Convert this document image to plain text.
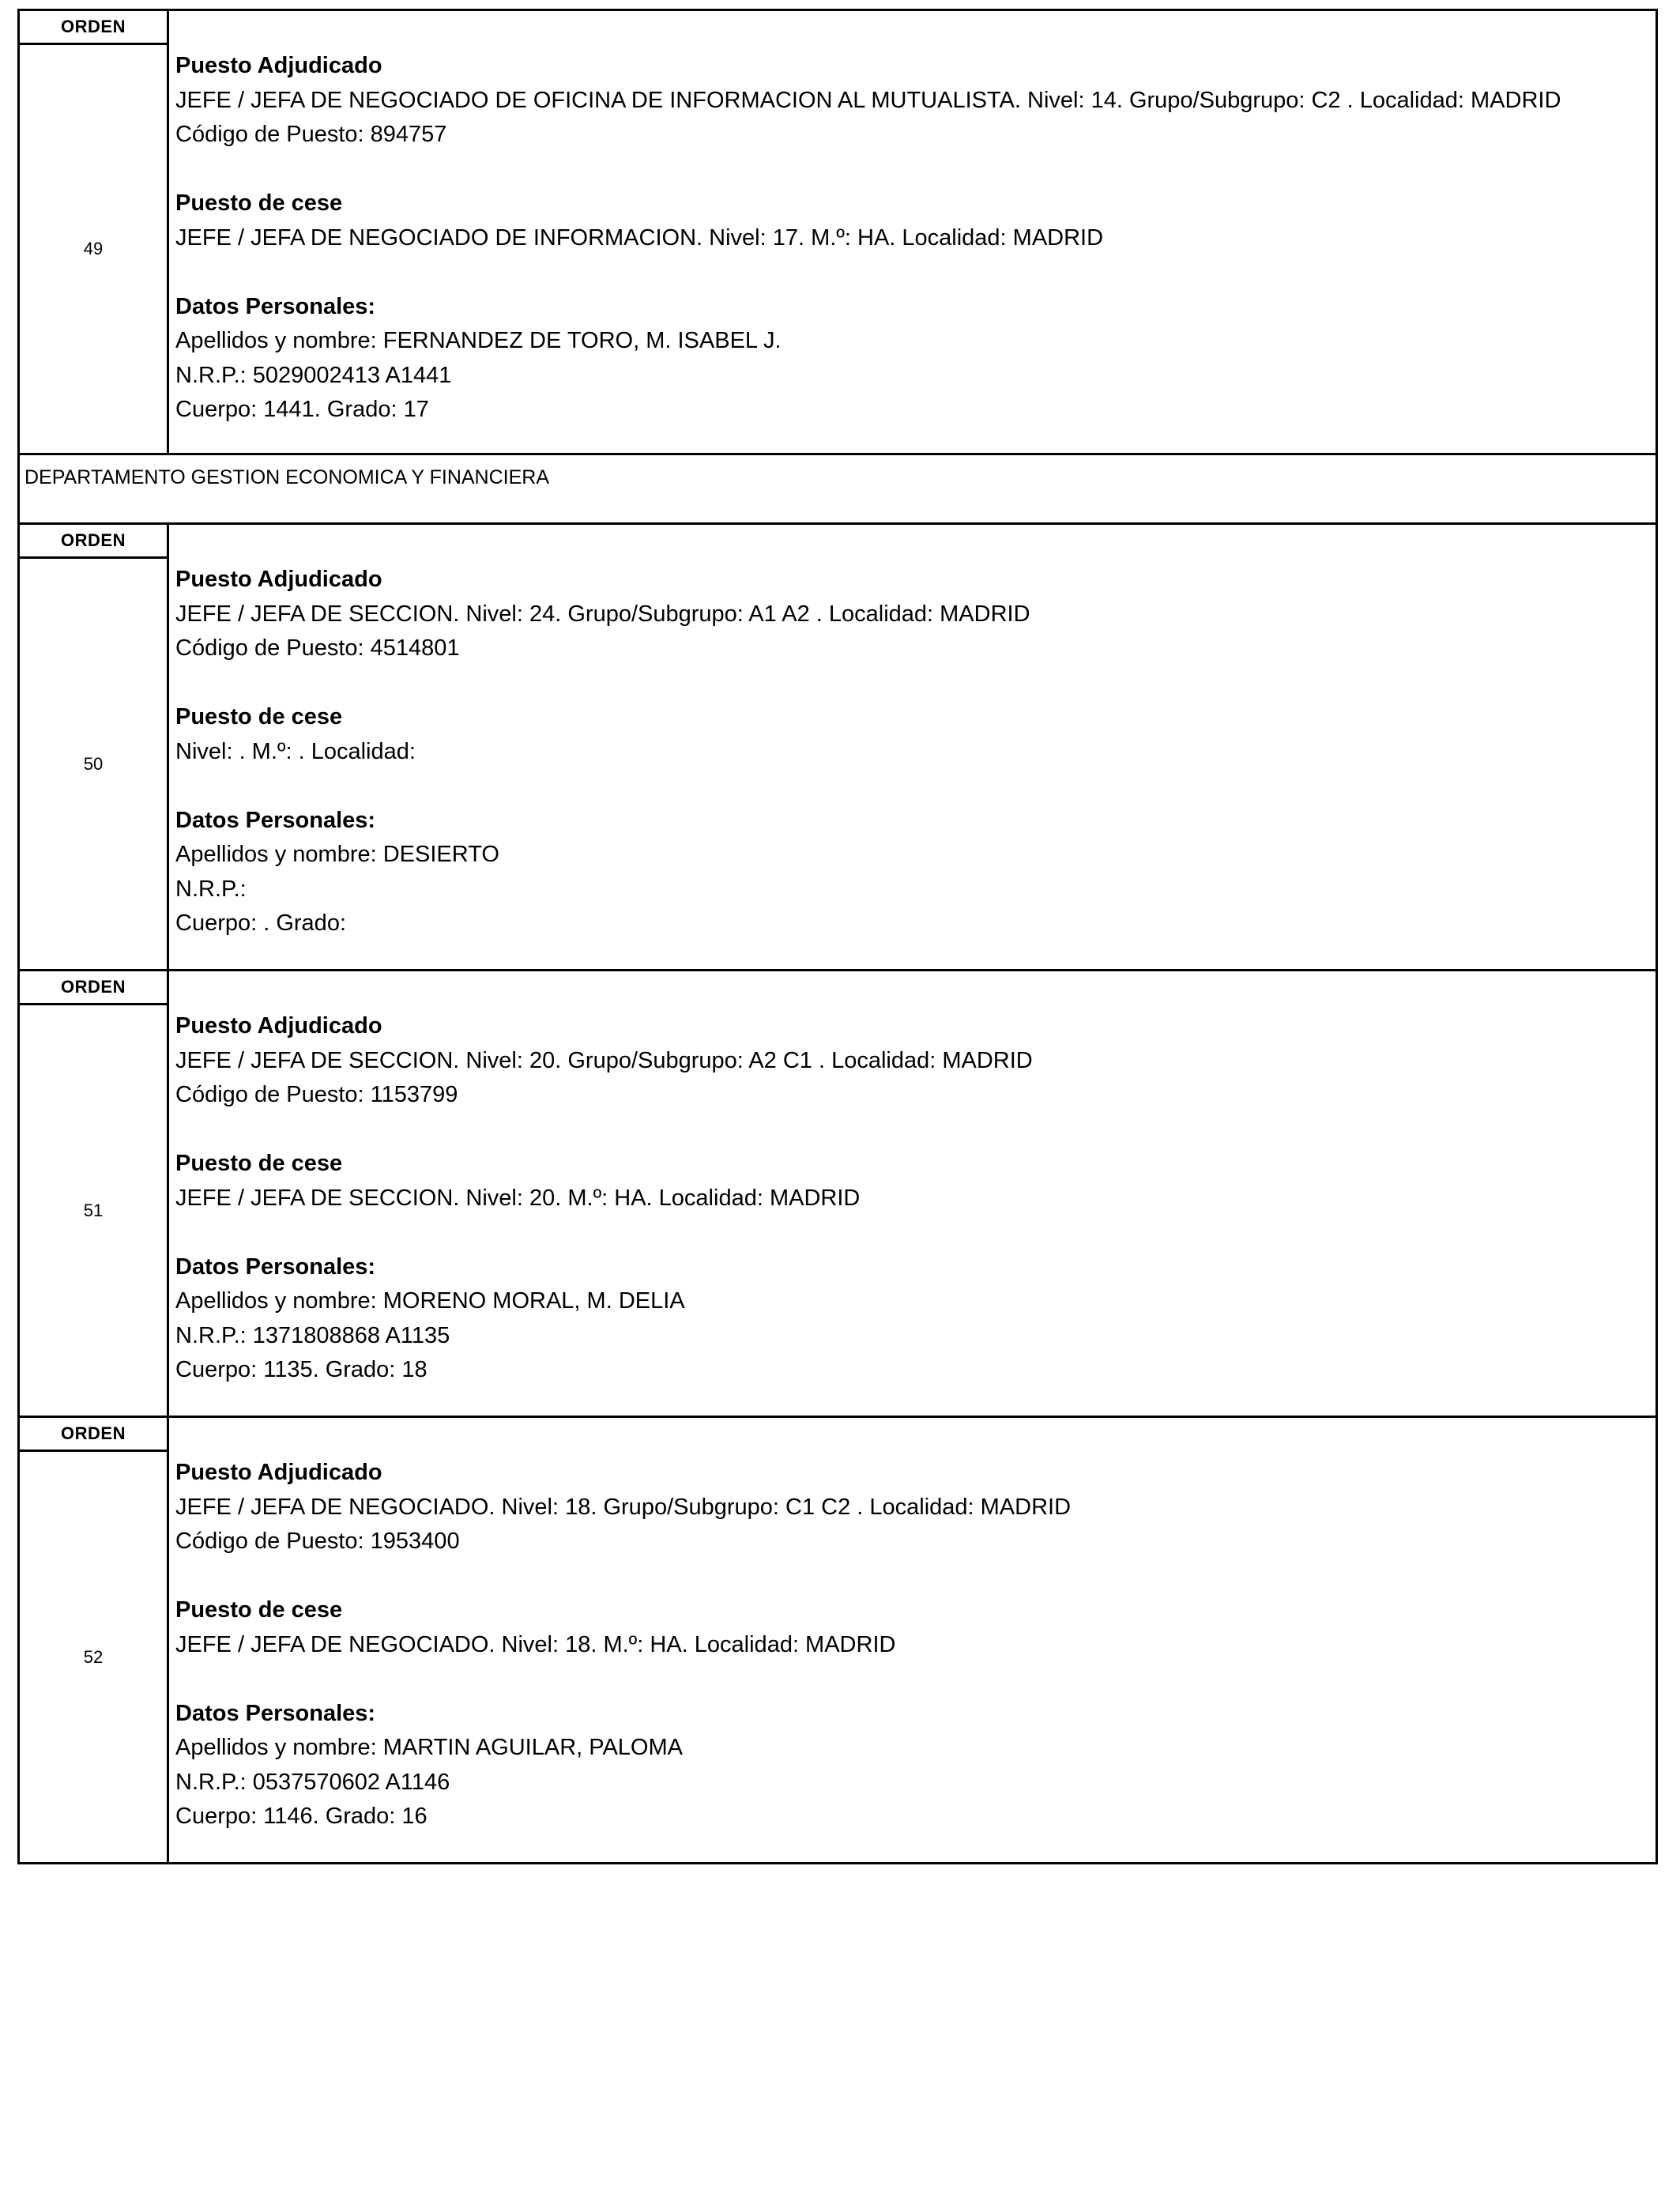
ORDEN
49
Puesto Adjudicado
JEFE / JEFA DE NEGOCIADO DE OFICINA DE INFORMACION AL MUTUALISTA. Nivel: 14. Grupo/Subgrupo: C2 . Localidad: MADRID
Código de Puesto: 894757
Puesto de cese
JEFE / JEFA DE NEGOCIADO DE INFORMACION. Nivel: 17. M.º: HA. Localidad: MADRID
Datos Personales:
Apellidos y nombre: FERNANDEZ DE TORO, M. ISABEL J.
N.R.P.: 5029002413 A1441
Cuerpo: 1441. Grado: 17
DEPARTAMENTO GESTION ECONOMICA Y FINANCIERA
ORDEN
50
Puesto Adjudicado
JEFE / JEFA DE SECCION. Nivel: 24. Grupo/Subgrupo: A1 A2 . Localidad: MADRID
Código de Puesto: 4514801
Puesto de cese
Nivel: . M.º: . Localidad:
Datos Personales:
Apellidos y nombre: DESIERTO
N.R.P.:
Cuerpo: . Grado:
ORDEN
51
Puesto Adjudicado
JEFE / JEFA DE SECCION. Nivel: 20. Grupo/Subgrupo: A2 C1 . Localidad: MADRID
Código de Puesto: 1153799
Puesto de cese
JEFE / JEFA DE SECCION. Nivel: 20. M.º: HA. Localidad: MADRID
Datos Personales:
Apellidos y nombre: MORENO MORAL, M. DELIA
N.R.P.: 1371808868 A1135
Cuerpo: 1135. Grado: 18
ORDEN
52
Puesto Adjudicado
JEFE / JEFA DE NEGOCIADO. Nivel: 18. Grupo/Subgrupo: C1 C2 . Localidad: MADRID
Código de Puesto: 1953400
Puesto de cese
JEFE / JEFA DE NEGOCIADO. Nivel: 18. M.º: HA. Localidad: MADRID
Datos Personales:
Apellidos y nombre: MARTIN AGUILAR, PALOMA
N.R.P.: 0537570602 A1146
Cuerpo: 1146. Grado: 16
